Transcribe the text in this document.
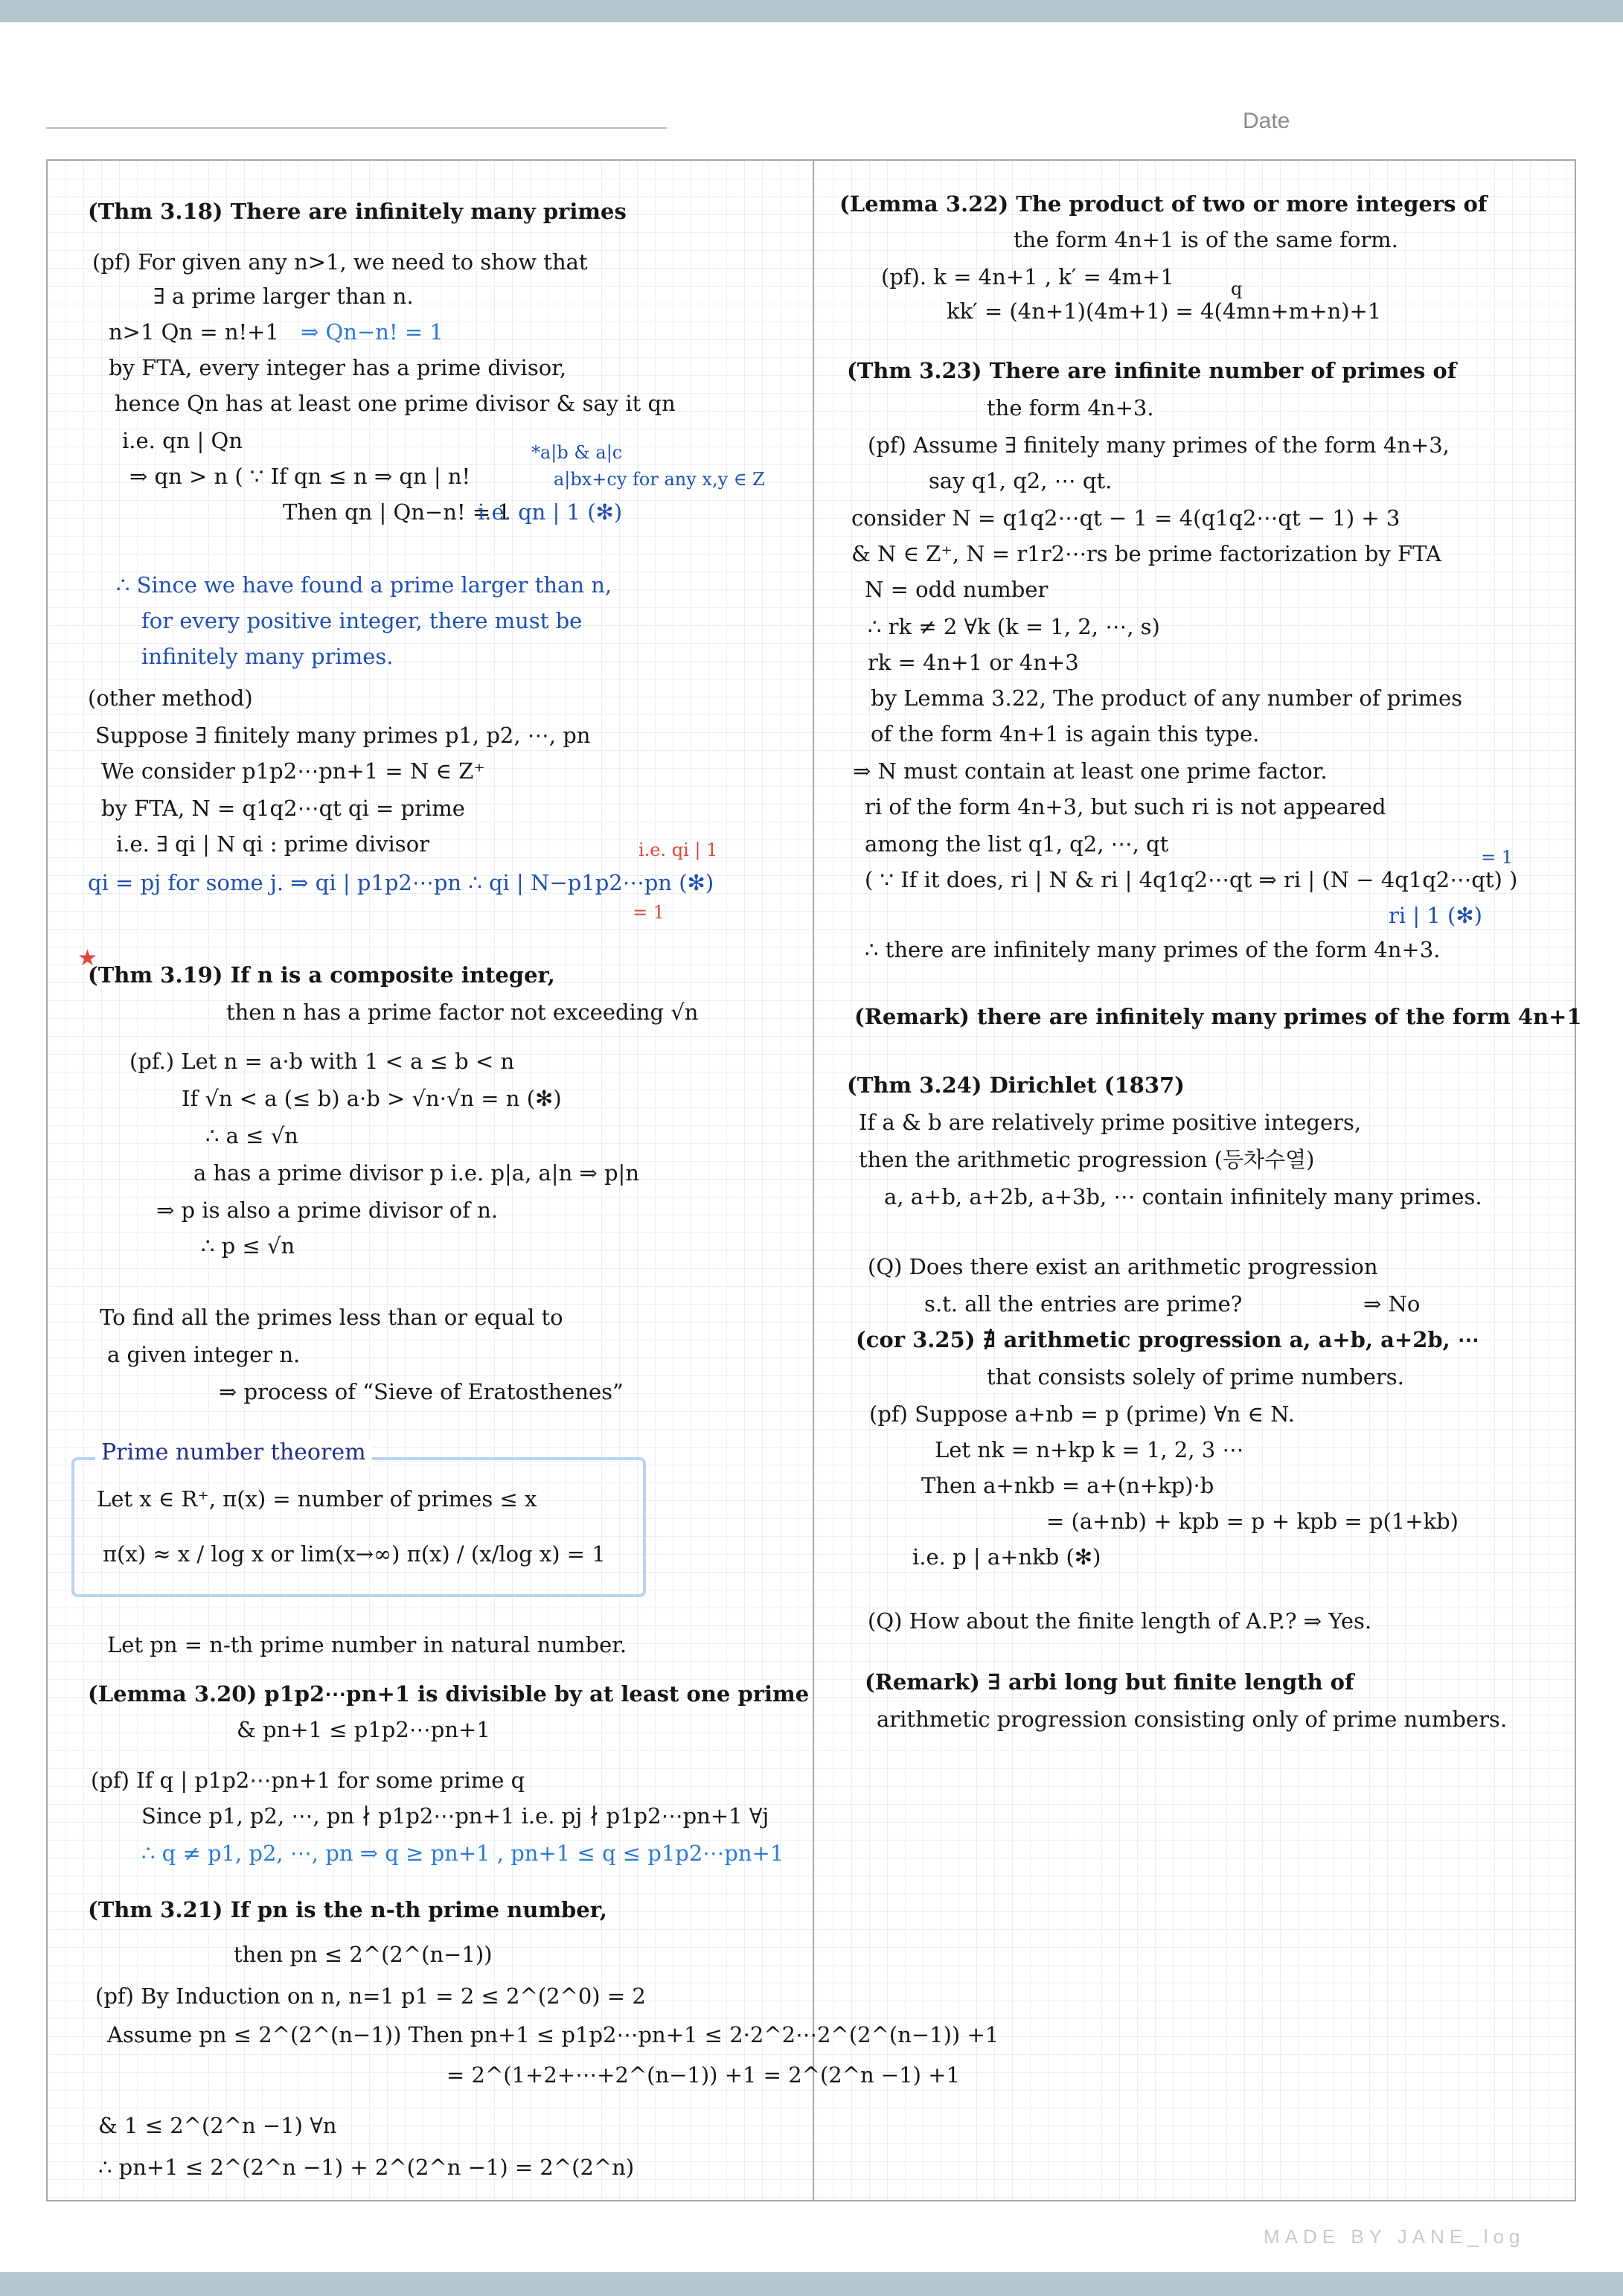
Date
(Thm 3.18) There are infinitely many primes
(pf) For given any n>1, we need to show that
∃ a prime larger than n.
n>1 Qn = n!+1 ⇒ Qn−n! = 1
by FTA, every integer has a prime divisor,
hence Qn has at least one prime divisor & say it qn
i.e. qn | Qn	*a|b & a|c
⇒ qn > n ( ∵ If qn ≤ n ⇒ qn | n!	a|bx+cy for any x,y ∈ Z
Then qn | Qn−n! = 1
i.e. qn | 1 (✻)
∴ Since we have found a prime larger than n,
for every positive integer, there must be
infinitely many primes.
(other method)
Suppose ∃ finitely many primes p1, p2, ⋯, pn
We consider p1p2⋯pn+1 = N ∈ Z⁺
by FTA, N = q1q2⋯qt qi = prime
i.e. ∃ qi | N qi : prime divisor	i.e. qi | 1
qi = pj for some j. ⇒ qi | p1p2⋯pn ∴ qi | N−p1p2⋯pn (✻)
= 1
★
(Thm 3.19) If n is a composite integer,
then n has a prime factor not exceeding √n
(pf.) Let n = a·b with 1 < a ≤ b < n
If √n < a (≤ b) a·b > √n·√n = n (✻)
∴ a ≤ √n
a has a prime divisor p i.e. p|a, a|n ⇒ p|n
⇒ p is also a prime divisor of n.
∴ p ≤ √n
To find all the primes less than or equal to
a given integer n.
⇒ process of “Sieve of Eratosthenes”
Prime number theorem
Let x ∈ R⁺, π(x) = number of primes ≤ x
π(x) ≈ x / log x or lim(x→∞) π(x) / (x/log x) = 1
Let pn = n-th prime number in natural number.
(Lemma 3.20) p1p2⋯pn+1 is divisible by at least one prime
& pn+1 ≤ p1p2⋯pn+1
(pf) If q | p1p2⋯pn+1 for some prime q
Since p1, p2, ⋯, pn ∤ p1p2⋯pn+1 i.e. pj ∤ p1p2⋯pn+1 ∀j
∴ q ≠ p1, p2, ⋯, pn ⇒ q ≥ pn+1 , pn+1 ≤ q ≤ p1p2⋯pn+1
(Thm 3.21) If pn is the n-th prime number,
then pn ≤ 2^(2^(n−1))
(pf) By Induction on n, n=1 p1 = 2 ≤ 2^(2^0) = 2
Assume pn ≤ 2^(2^(n−1)) Then pn+1 ≤ p1p2⋯pn+1 ≤ 2·2^2⋯2^(2^(n−1)) +1
= 2^(1+2+⋯+2^(n−1)) +1 = 2^(2^n −1) +1
& 1 ≤ 2^(2^n −1) ∀n
∴ pn+1 ≤ 2^(2^n −1) + 2^(2^n −1) = 2^(2^n)
(Lemma 3.22) The product of two or more integers of
the form 4n+1 is of the same form.
(pf). k = 4n+1 , k′ = 4m+1	q
kk′ = (4n+1)(4m+1) = 4(4mn+m+n)+1
(Thm 3.23) There are infinite number of primes of
the form 4n+3.
(pf) Assume ∃ finitely many primes of the form 4n+3,
say q1, q2, ⋯ qt.
consider N = q1q2⋯qt − 1 = 4(q1q2⋯qt − 1) + 3
& N ∈ Z⁺, N = r1r2⋯rs be prime factorization by FTA
N = odd number
∴ rk ≠ 2 ∀k (k = 1, 2, ⋯, s)
rk = 4n+1 or 4n+3
by Lemma 3.22, The product of any number of primes
of the form 4n+1 is again this type.
⇒ N must contain at least one prime factor.
ri of the form 4n+3, but such ri is not appeared
among the list q1, q2, ⋯, qt
= 1
( ∵ If it does, ri | N & ri | 4q1q2⋯qt ⇒ ri | (N − 4q1q2⋯qt) )
ri | 1 (✻)
∴ there are infinitely many primes of the form 4n+3.
(Remark) there are infinitely many primes of the form 4n+1
(Thm 3.24) Dirichlet (1837)
If a & b are relatively prime positive integers,
then the arithmetic progression (등차수열)
a, a+b, a+2b, a+3b, ⋯ contain infinitely many primes.
(Q) Does there exist an arithmetic progression
s.t. all the entries are prime?	⇒ No
(cor 3.25) ∄ arithmetic progression a, a+b, a+2b, ⋯
that consists solely of prime numbers.
(pf) Suppose a+nb = p (prime) ∀n ∈ N.
Let nk = n+kp k = 1, 2, 3 ⋯
Then a+nkb = a+(n+kp)·b
= (a+nb) + kpb = p + kpb = p(1+kb)
i.e. p | a+nkb (✻)
(Q) How about the finite length of A.P.? ⇒ Yes.
(Remark) ∃ arbi long but finite length of
arithmetic progression consisting only of prime numbers.
MADE BY JANE_log
